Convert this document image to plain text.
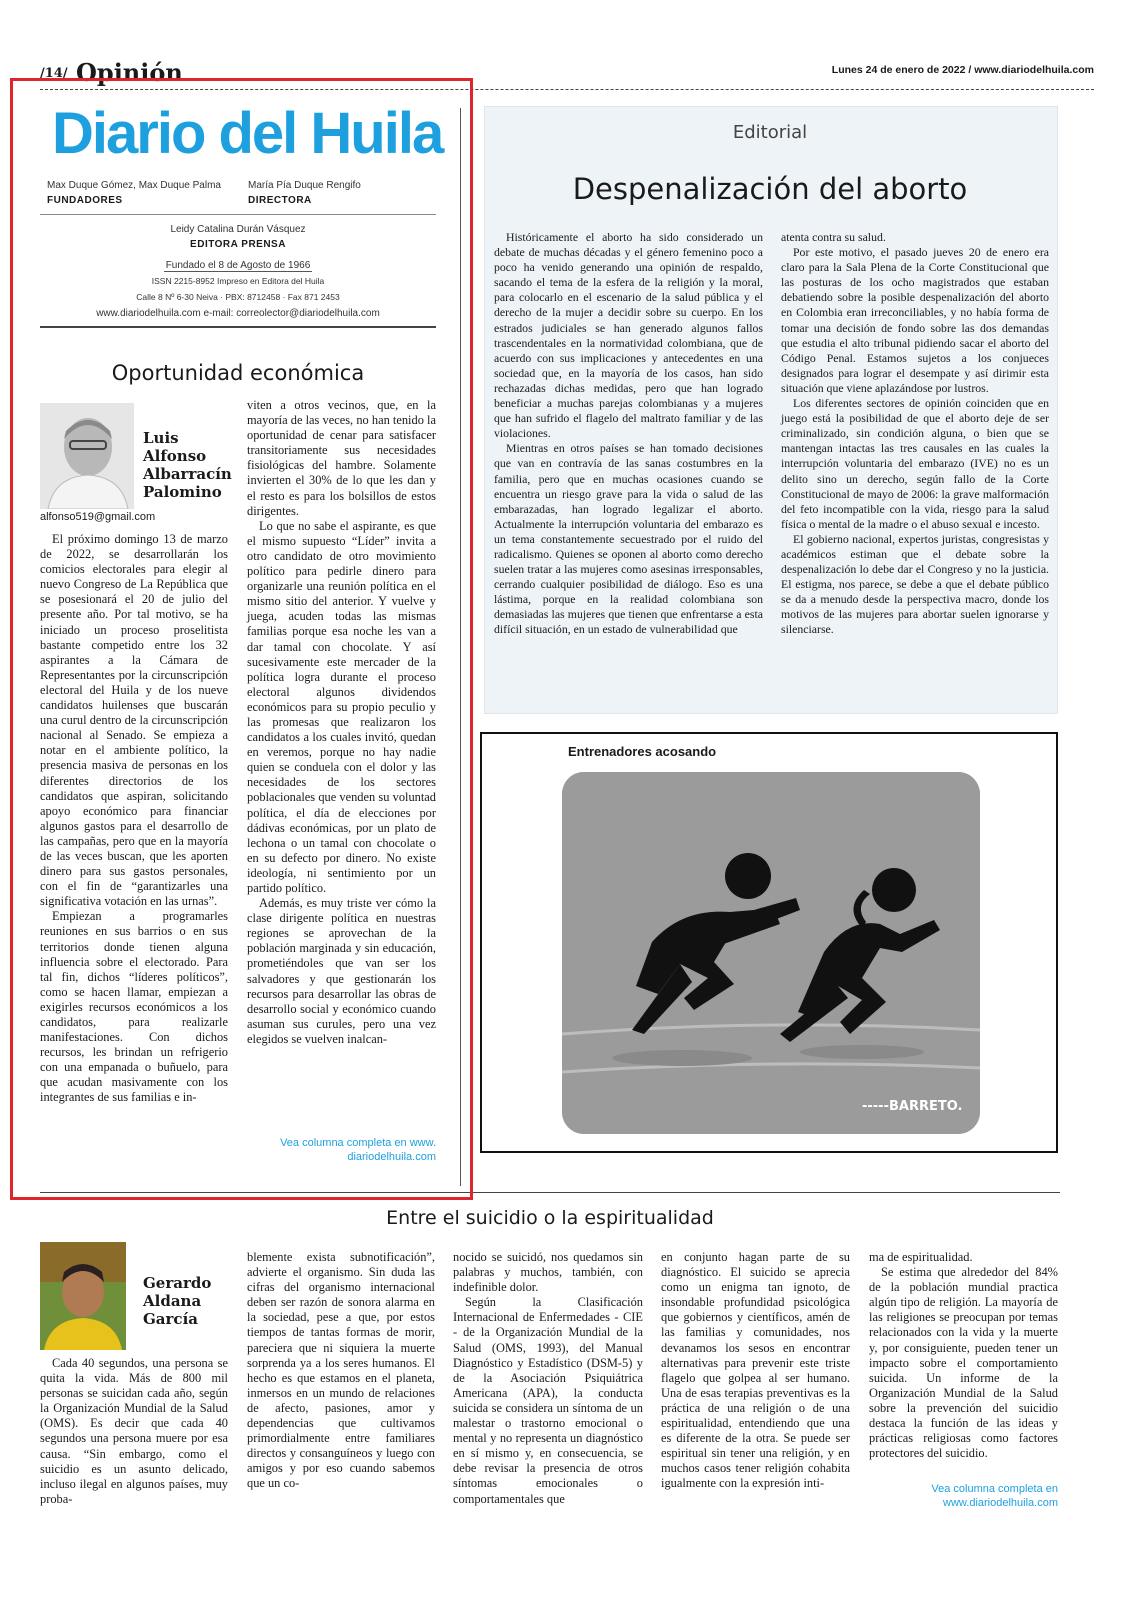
/14/ Opinión	Lunes 24 de enero de 2022 / www.diariodelhuila.com
Diario del Huila
Max Duque Gómez, Max Duque Palma
FUNDADORES
María Pía Duque Rengifo
DIRECTORA
Leidy Catalina Durán Vásquez
EDITORA PRENSA
Fundado el 8 de Agosto de 1966
ISSN 2215-8952 Impreso en Editora del Huila
Calle 8 Nº 6-30 Neiva · PBX: 8712458 · Fax 871 2453
www.diariodelhuila.com e-mail: correolector@diariodelhuila.com
Oportunidad económica
Luis Alfonso Albarracín Palomino
alfonso519@gmail.com

El próximo domingo 13 de marzo de 2022, se desarrollarán los comicios electorales para elegir al nuevo Congreso de La República que se posesionará el 20 de julio del presente año. Por tal motivo, se ha iniciado un proceso proselitista bastante competido entre los 32 aspirantes a la Cámara de Representantes por la circunscripción electoral del Huila y de los nueve candidatos huilenses que buscarán una curul dentro de la circunscripción nacional al Senado. Se empieza a notar en el ambiente político, la presencia masiva de personas en los diferentes directorios de los candidatos que aspiran, solicitando apoyo económico para financiar algunos gastos para el desarrollo de las campañas, pero que en la mayoría de las veces buscan, que les aporten dinero para sus gastos personales, con el fin de “garantizarles una significativa votación en las urnas”.

Empiezan a programarles reuniones en sus barrios o en sus territorios donde tienen alguna influencia sobre el electorado. Para tal fin, dichos “líderes políticos”, como se hacen llamar, empiezan a exigirles recursos económicos a los candidatos, para realizarle manifestaciones. Con dichos recursos, les brindan un refrigerio con una empanada o buñuelo, para que acudan masivamente con los integrantes de sus familias e in-

viten a otros vecinos, que, en la mayoría de las veces, no han tenido la oportunidad de cenar para satisfacer transitoriamente sus necesidades fisiológicas del hambre. Solamente invierten el 30% de lo que les dan y el resto es para los bolsillos de estos dirigentes.

Lo que no sabe el aspirante, es que el mismo supuesto “Líder” invita a otro candidato de otro movimiento político para pedirle dinero para organizarle una reunión política en el mismo sitio del anterior. Y vuelve y juega, acuden todas las mismas familias porque esa noche les van a dar tamal con chocolate. Y así sucesivamente este mercader de la política logra durante el proceso electoral algunos dividendos económicos para su propio peculio y las promesas que realizaron los candidatos a los cuales invitó, quedan en veremos, porque no hay nadie quien se conduela con el dolor y las necesidades de los sectores poblacionales que venden su voluntad política, el día de elecciones por dádivas económicas, por un plato de lechona o un tamal con chocolate o en su defecto por dinero. No existe ideología, ni sentimiento por un partido político.

Además, es muy triste ver cómo la clase dirigente política en nuestras regiones se aprovechan de la población marginada y sin educación, prometiéndoles que van ser los salvadores y que gestionarán los recursos para desarrollar las obras de desarrollo social y económico cuando asuman sus curules, pero una vez elegidos se vuelven inalcan-

Vea columna completa en www.
diariodelhuila.com
Editorial
Despenalización del aborto

Históricamente el aborto ha sido considerado un debate de muchas décadas y el género femenino poco a poco ha venido generando una opinión de respaldo, sacando el tema de la esfera de la religión y la moral, para colocarlo en el escenario de la salud pública y el derecho de la mujer a decidir sobre su cuerpo. En los estrados judiciales se han generado algunos fallos trascendentales en la normatividad colombiana, que de acuerdo con sus implicaciones y antecedentes en una sociedad que, en la mayoría de los casos, han sido rechazadas dichas medidas, pero que han logrado beneficiar a muchas parejas colombianas y a mujeres que han sufrido el flagelo del maltrato familiar y de las violaciones.

Mientras en otros países se han tomado decisiones que van en contravía de las sanas costumbres en la familia, pero que en muchas ocasiones cuando se encuentra un riesgo grave para la vida o salud de las embarazadas, han logrado legalizar el aborto. Actualmente la interrupción voluntaria del embarazo es un tema constantemente secuestrado por el ruido del radicalismo. Quienes se oponen al aborto como derecho suelen tratar a las mujeres como asesinas irresponsables, cerrando cualquier posibilidad de diálogo. Eso es una lástima, porque en la realidad colombiana son demasiadas las mujeres que tienen que enfrentarse a esta difícil situación, en un estado de vulnerabilidad que

atenta contra su salud.

Por este motivo, el pasado jueves 20 de enero era claro para la Sala Plena de la Corte Constitucional que las posturas de los ocho magistrados que estaban debatiendo sobre la posible despenalización del aborto en Colombia eran irreconciliables, y no había forma de tomar una decisión de fondo sobre las dos demandas que estudia el alto tribunal pidiendo sacar el aborto del Código Penal. Estamos sujetos a los conjueces designados para lograr el desempate y así dirimir esta situación que viene aplazándose por lustros.

Los diferentes sectores de opinión coinciden que en juego está la posibilidad de que el aborto deje de ser criminalizado, sin condición alguna, o bien que se mantengan intactas las tres causales en las cuales la interrupción voluntaria del embarazo (IVE) no es un delito sino un derecho, según fallo de la Corte Constitucional de mayo de 2006: la grave malformación del feto incompatible con la vida, riesgo para la salud física o mental de la madre o el abuso sexual e incesto.

El gobierno nacional, expertos juristas, congresistas y académicos estiman que el debate sobre la despenalización lo debe dar el Congreso y no la justicia. El estigma, nos parece, se debe a que el debate público se da a menudo desde la perspectiva macro, donde los motivos de las mujeres para abortar suelen ignorarse y silenciarse.

Entrenadores acosando
-----BARRETO.
Entre el suicidio o la espiritualidad
Gerardo Aldana García

Cada 40 segundos, una persona se quita la vida. Más de 800 mil personas se suicidan cada año, según la Organización Mundial de la Salud (OMS). Es decir que cada 40 segundos una persona muere por esa causa. “Sin embargo, como el suicidio es un asunto delicado, incluso ilegal en algunos países, muy proba-

blemente exista subnotificación”, advierte el organismo. Sin duda las cifras del organismo internacional deben ser razón de sonora alarma en la sociedad, pese a que, por estos tiempos de tantas formas de morir, pareciera que ni siquiera la muerte sorprenda ya a los seres humanos. El hecho es que estamos en el planeta, inmersos en un mundo de relaciones de afecto, pasiones, amor y dependencias que cultivamos primordialmente entre familiares directos y consanguíneos y luego con amigos y por eso cuando sabemos que un co-

nocido se suicidó, nos quedamos sin palabras y muchos, también, con indefinible dolor.

Según la Clasificación Internacional de Enfermedades - CIE - de la Organización Mundial de la Salud (OMS, 1993), del Manual Diagnóstico y Estadístico (DSM-5) y de la Asociación Psiquiátrica Americana (APA), la conducta suicida se considera un síntoma de un malestar o trastorno emocional o mental y no representa un diagnóstico en sí mismo y, en consecuencia, se debe revisar la presencia de otros síntomas emocionales o comportamentales que

en conjunto hagan parte de su diagnóstico. El suicido se aprecia como un enigma tan ignoto, de insondable profundidad psicológica que gobiernos y científicos, amén de las familias y comunidades, nos devanamos los sesos en encontrar alternativas para prevenir este triste flagelo que golpea al ser humano. Una de esas terapias preventivas es la práctica de una religión o de una espiritualidad, entendiendo que una es diferente de la otra. Se puede ser espiritual sin tener una religión, y en muchos casos tener religión cohabita igualmente con la expresión inti-

ma de espiritualidad.

Se estima que alrededor del 84% de la población mundial practica algún tipo de religión. La mayoría de las religiones se preocupan por temas relacionados con la vida y la muerte y, por consiguiente, pueden tener un impacto sobre el comportamiento suicida. Un informe de la Organización Mundial de la Salud sobre la prevención del suicidio destaca la función de las ideas y prácticas religiosas como factores protectores del suicidio.

Vea columna completa en
www.diariodelhuila.com
